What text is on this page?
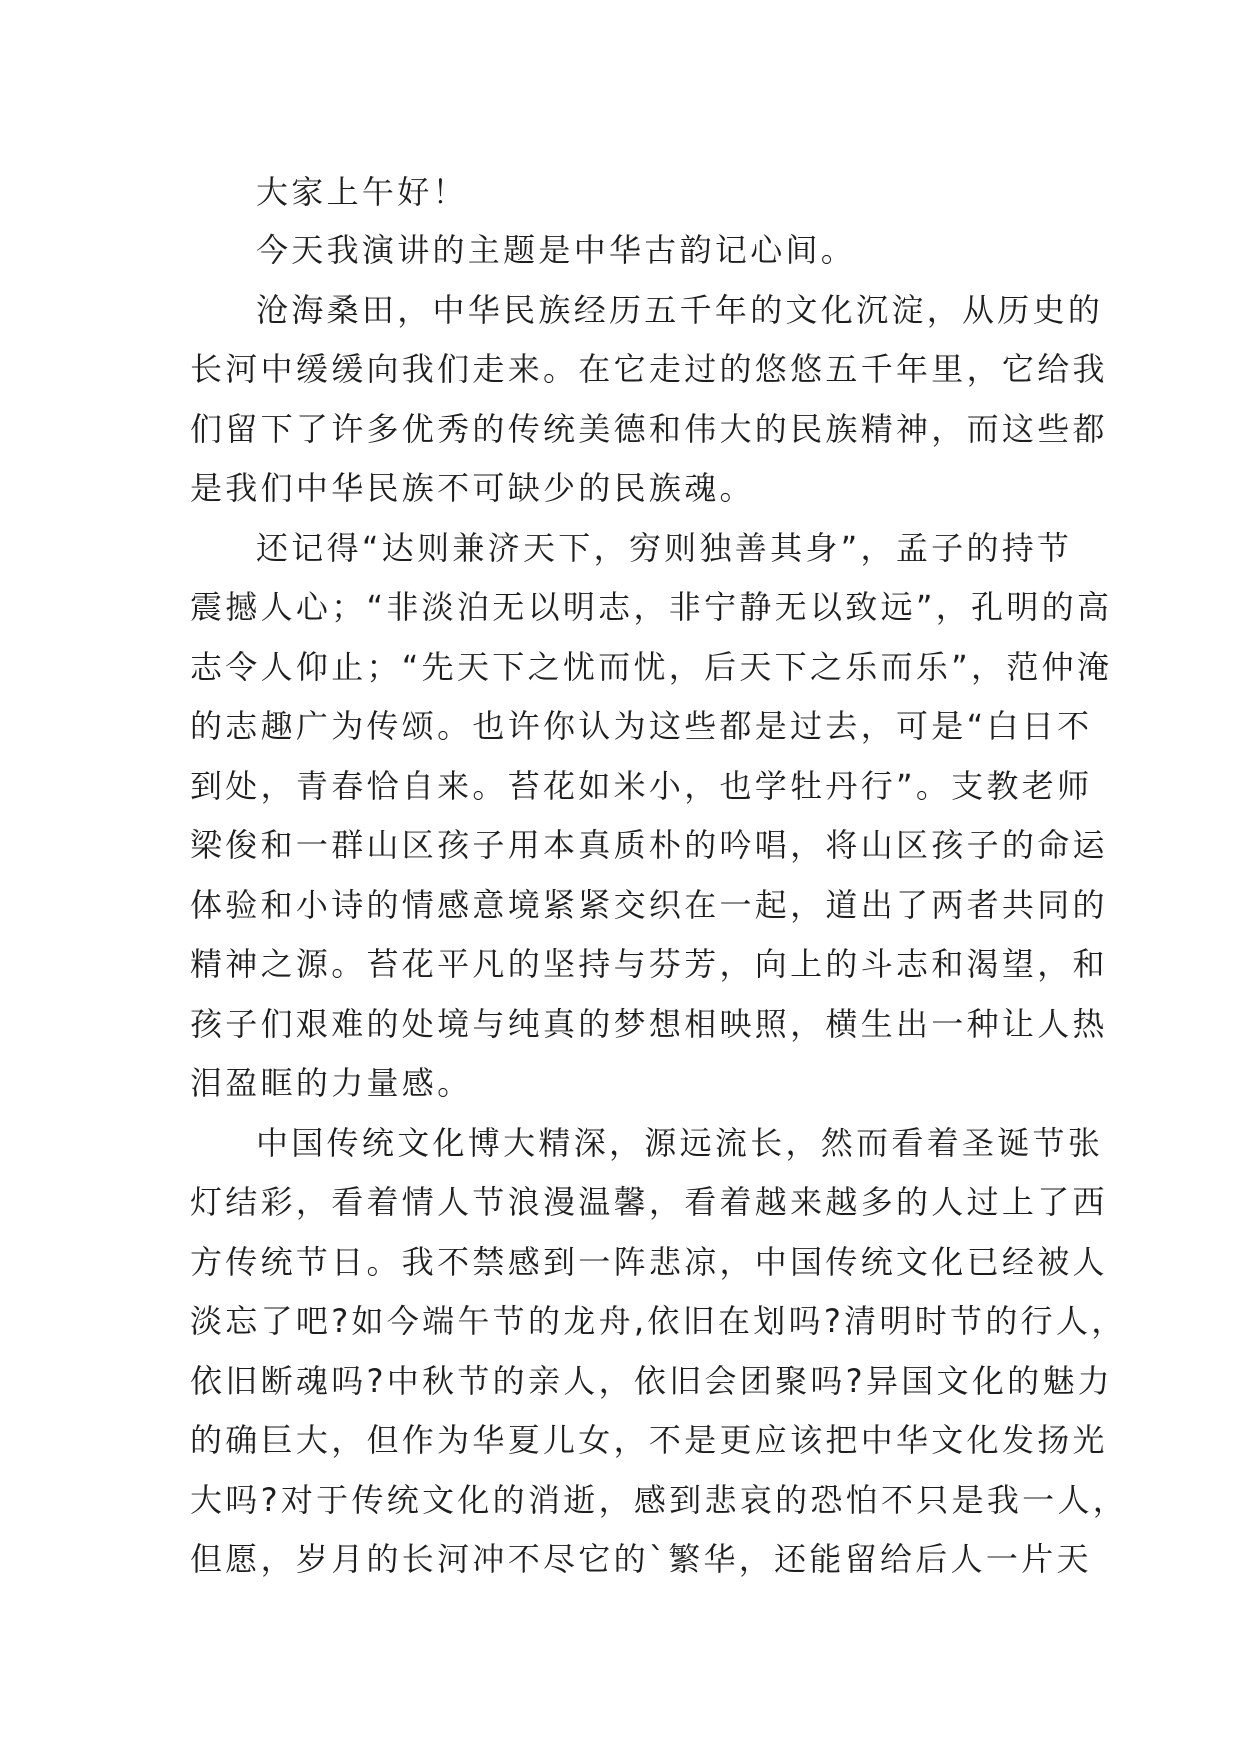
大家上午好！
今天我演讲的主题是中华古韵记心间。
沧海桑田，中华民族经历五千年的文化沉淀，从历史的
长河中缓缓向我们走来。在它走过的悠悠五千年里，它给我
们留下了许多优秀的传统美德和伟大的民族精神，而这些都
是我们中华民族不可缺少的民族魂。
还记得“达则兼济天下，穷则独善其身”，孟子的持节
震撼人心；“非淡泊无以明志，非宁静无以致远”，孔明的高
志令人仰止；“先天下之忧而忧，后天下之乐而乐”，范仲淹
的志趣广为传颂。也许你认为这些都是过去，可是“白日不
到处，青春恰自来。苔花如米小，也学牡丹行”。支教老师
梁俊和一群山区孩子用本真质朴的吟唱，将山区孩子的命运
体验和小诗的情感意境紧紧交织在一起，道出了两者共同的
精神之源。苔花平凡的坚持与芬芳，向上的斗志和渴望，和
孩子们艰难的处境与纯真的梦想相映照，横生出一种让人热
泪盈眶的力量感。
中国传统文化博大精深，源远流长，然而看着圣诞节张
灯结彩，看着情人节浪漫温馨，看着越来越多的人过上了西
方传统节日。我不禁感到一阵悲凉，中国传统文化已经被人
淡忘了吧?如今端午节的龙舟,依旧在划吗?清明时节的行人，
依旧断魂吗?中秋节的亲人，依旧会团聚吗?异国文化的魅力
的确巨大，但作为华夏儿女，不是更应该把中华文化发扬光
大吗?对于传统文化的消逝，感到悲哀的恐怕不只是我一人，
但愿，岁月的长河冲不尽它的`繁华，还能留给后人一片天
